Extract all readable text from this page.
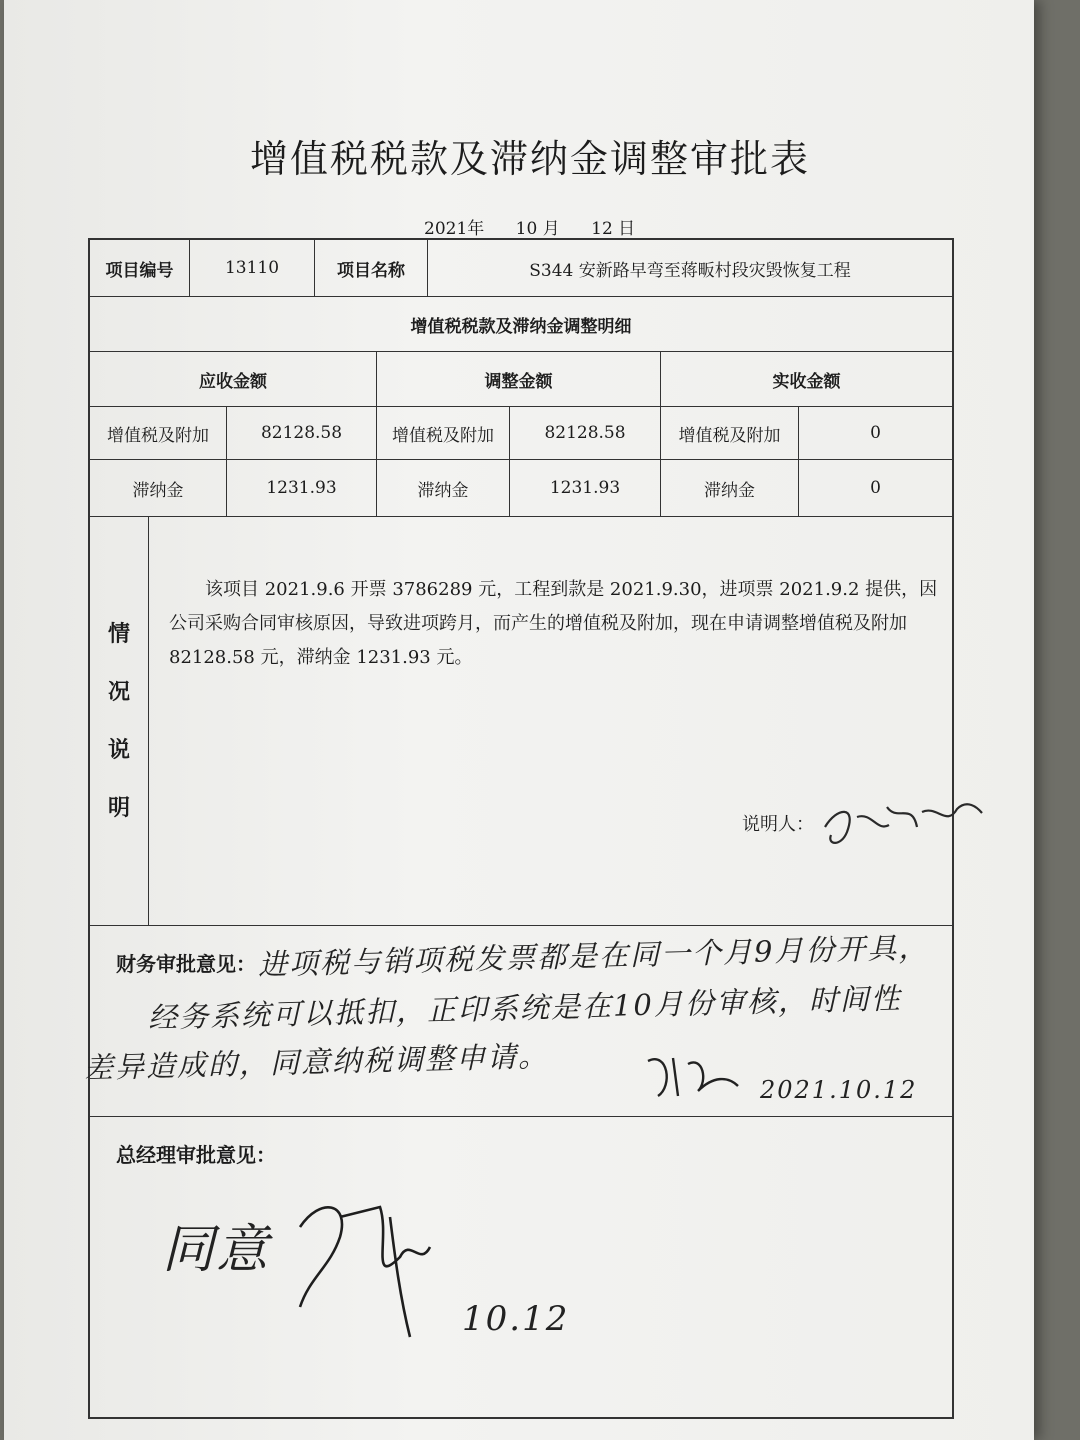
增值税税款及滞纳金调整审批表
2021年 10 月 12 日
项目编号	13110	项目名称	S344 安新路早弯至蒋畈村段灾毁恢复工程
增值税税款及滞纳金调整明细
应收金额	调整金额	实收金额
增值税及附加	82128.58	增值税及附加	82128.58	增值税及附加	0
滞纳金	1231.93	滞纳金	1231.93	滞纳金	0
情
况
说
明

该项目 2021.9.6 开票 3786289 元，工程到款是 2021.9.30，进项票 2021.9.2 提供，因公司采购合同审核原因，导致进项跨月，而产生的增值税及附加，现在申请调整增值税及附加 82128.58 元，滞纳金 1231.93 元。

说明人：
财务审批意见： 进项税与销项税发票都是在同一个月9月份开具，
经务系统可以抵扣，正印系统是在10月份审核，时间性
差异造成的，同意纳税调整申请。
2021.10.12
总经理审批意见：
同意
10.12
